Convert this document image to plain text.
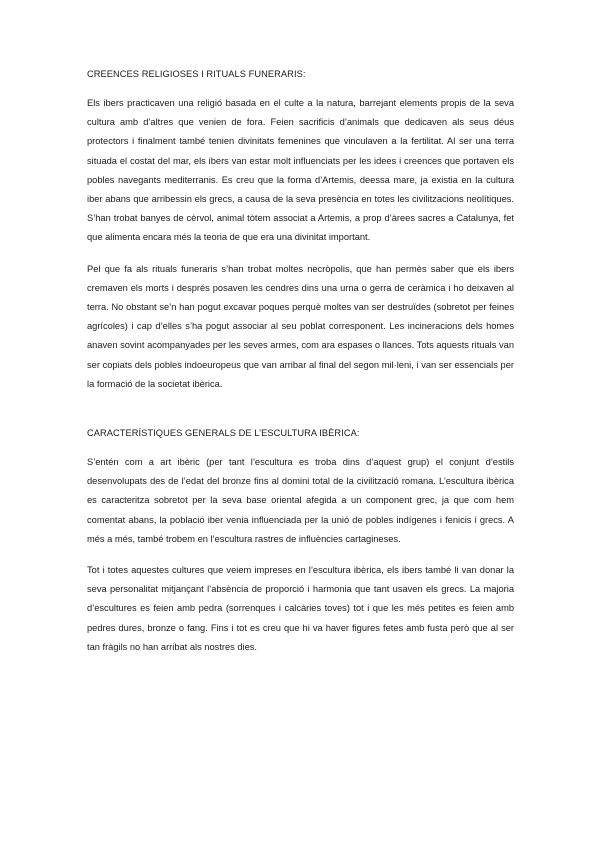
CREENCES RELIGIOSES I RITUALS FUNERARIS:

Els ibers practicaven una religió basada en el culte a la natura, barrejant elements propis de la seva cultura amb d’altres que venien de fora. Feien sacrificis d’animals que dedicaven als seus déus protectors i finalment també tenien divinitats femenines que vinculaven a la fertilitat. Al ser una terra situada el costat del mar, els ibers van estar molt influenciats per les idees i creences que portaven els pobles navegants mediterranis. Es creu que la forma d’Artemis, deessa mare, ja existia en la cultura iber abans que arribessin els grecs, a causa de la seva presència en totes les civilitzacions neolítiques. S’han trobat banyes de cèrvol, animal tòtem associat a Artemis, a prop d’àrees sacres a Catalunya, fet que alimenta encara més la teoria de que era una divinitat important.

Pel que fa als rituals funeraris s’han trobat moltes necròpolis, que han permès saber que els ibers cremaven els morts i després posaven les cendres dins una urna o gerra de ceràmica i ho deixaven al terra. No obstant se’n han pogut excavar poques perquè moltes van ser destruïdes (sobretot per feines agrícoles) i cap d’elles s’ha pogut associar al seu poblat corresponent. Les incineracions dels homes anaven sovint acompanyades per les seves armes, com ara espases o llances. Tots aquests rituals van ser copiats dels pobles indoeuropeus que van arribar al final del segon mil·leni, i van ser essencials per la formació de la societat ibèrica.

CARACTERÍSTIQUES GENERALS DE L’ESCULTURA IBÈRICA:

S’entén com a art ibèric (per tant l’escultura es troba dins d’aquest grup) el conjunt d’estils desenvolupats des de l’edat del bronze fins al domini total de la civilització romana. L’escultura ibèrica es caracteritza sobretot per la seva base oriental afegida a un component grec, ja que com hem comentat abans, la població iber venia influenciada per la unió de pobles indígenes i fenicis i grecs. A més a més, també trobem en l’escultura rastres de influències cartagineses.

Tot i totes aquestes cultures que veiem impreses en l’escultura ibèrica, els ibers també li van donar la seva personalitat mitjançant l’absència de proporció i harmonia que tant usaven els grecs. La majoria d’escultures es feien amb pedra (sorrenques i calcàries toves) tot i que les més petites es feien amb pedres dures, bronze o fang. Fins i tot es creu que hi va haver figures fetes amb fusta però que al ser tan fràgils no han arribat als nostres dies.
